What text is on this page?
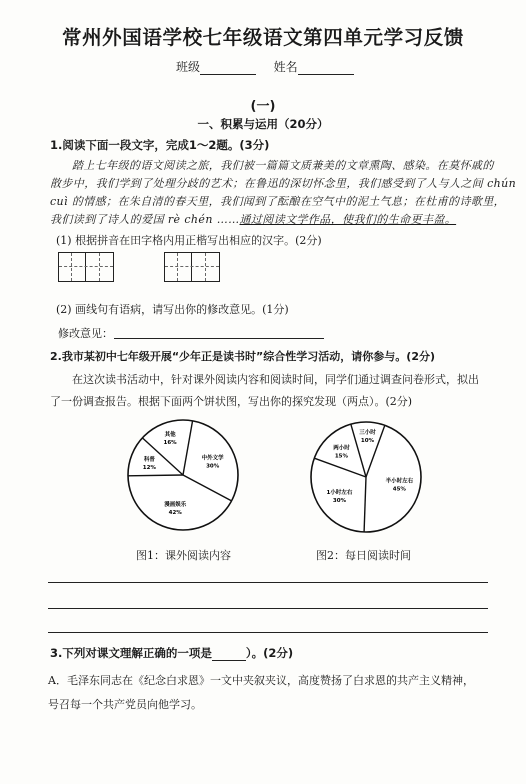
常州外国语学校七年级语文第四单元学习反馈
班级	姓名
(一)
一、积累与运用（20分）
1.阅读下面一段文字，完成1～2题。(3分)
踏上七年级的语文阅读之旅，我们被一篇篇文质兼美的文章熏陶、感染。在莫怀戚的
散步中，我们学到了处理分歧的艺术；在鲁迅的深切怀念里，我们感受到了人与人之间 chún
cuì 的情感；在朱自清的春天里，我们闻到了酝酿在空气中的泥土气息；在杜甫的诗歌里，
我们读到了诗人的爱国 rè chén ……通过阅读文学作品，使我们的生命更丰盈。
(1) 根据拼音在田字格内用正楷写出相应的汉字。(2分)
(2) 画线句有语病，请写出你的修改意见。(1分)
修改意见：
2.我市某初中七年级开展“少年正是读书时”综合性学习活动，请你参与。(2分)
在这次读书活动中，针对课外阅读内容和阅读时间，同学们通过调查问卷形式，拟出
了一份调查报告。根据下面两个饼状图，写出你的探究发现（两点）。(2分)
中外文学
30%
漫画娱乐
42%
科普
12%
其他
16%
半小时左右
45%
1小时左右
30%
两小时
15%
三小时
10%
图1：课外阅读内容	图2：每日阅读时间
3.下列对课文理解正确的一项是	）。(2分)
A．毛泽东同志在《纪念白求恩》一文中夹叙夹议，高度赞扬了白求恩的共产主义精神，
号召每一个共产党员向他学习。
